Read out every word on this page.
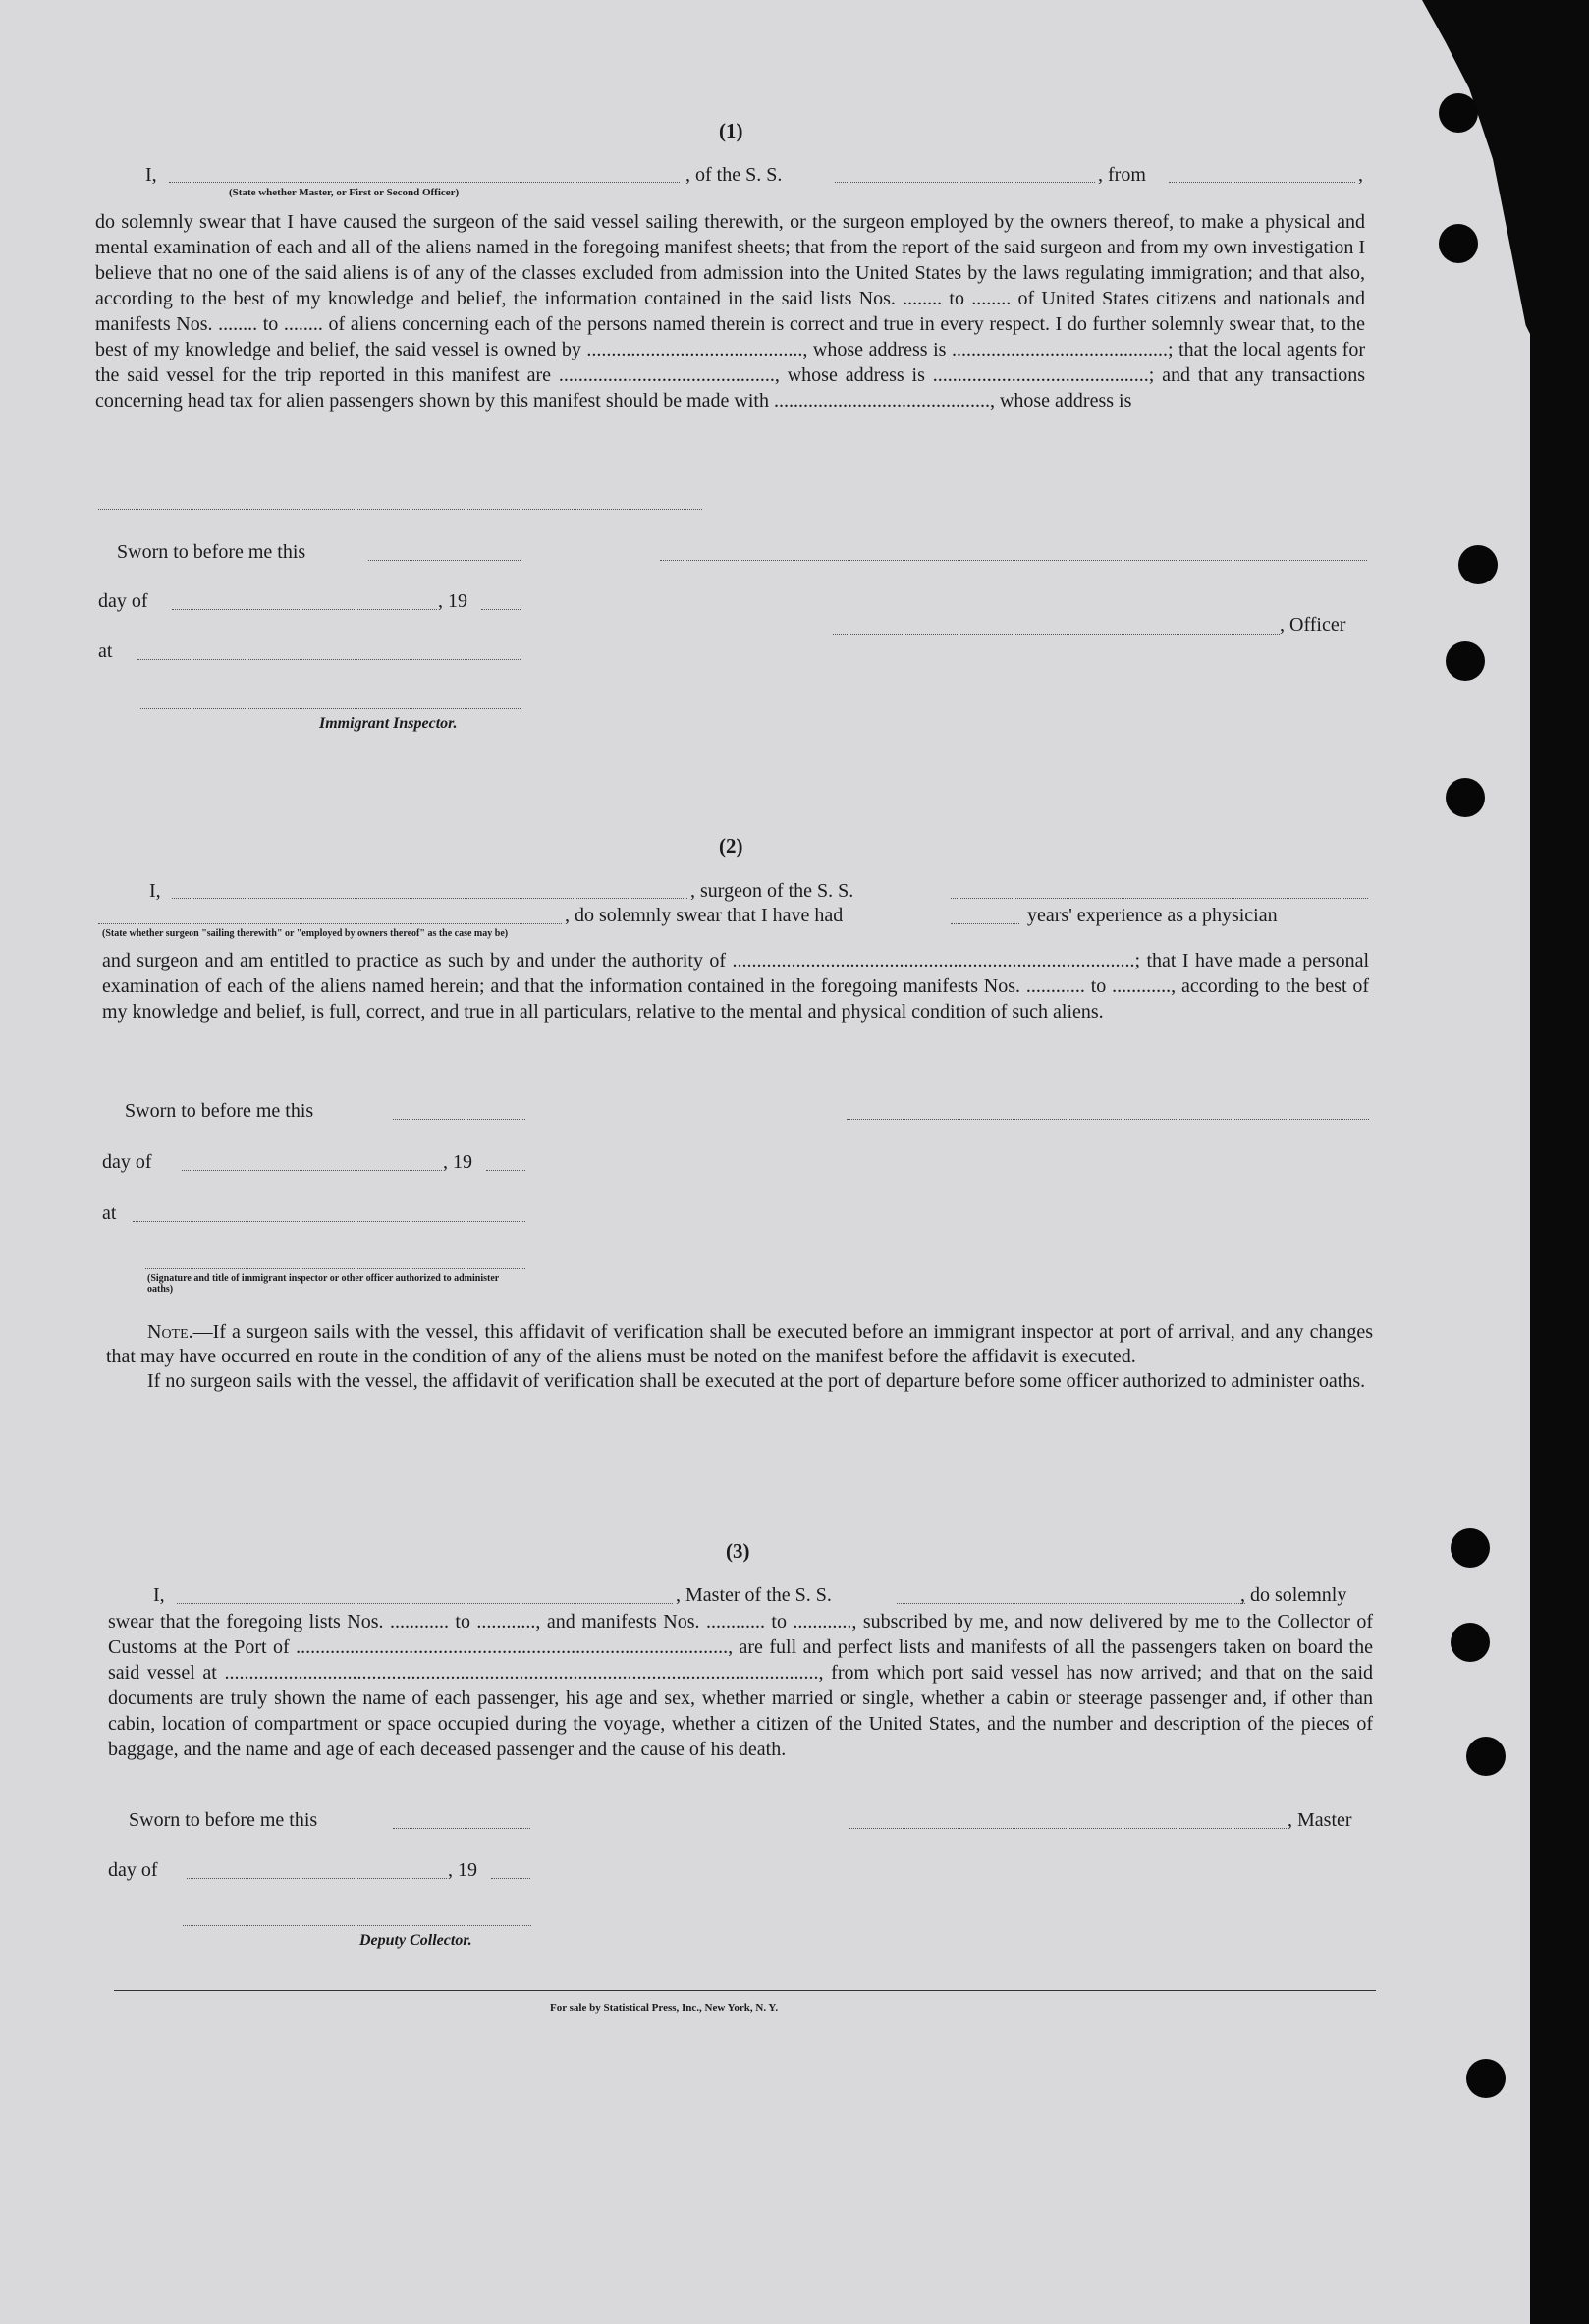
(1)
I,
(State whether Master, or First or Second Officer)
, of the S. S.	, from	,

do solemnly swear that I have caused the surgeon of the said vessel sailing therewith, or the surgeon employed by the owners thereof, to make a physical and mental examination of each and all of the aliens named in the foregoing manifest sheets; that from the report of the said surgeon and from my own investigation I believe that no one of the said aliens is of any of the classes excluded from admission into the United States by the laws regulating immigration; and that also, according to the best of my knowledge and belief, the information contained in the said lists Nos. ........ to ........ of United States citizens and nationals and manifests Nos. ........ to ........ of aliens concerning each of the persons named therein is correct and true in every respect. I do further solemnly swear that, to the best of my knowledge and belief, the said vessel is owned by ............................................, whose address is ............................................; that the local agents for the said vessel for the trip reported in this manifest are ............................................, whose address is ............................................; and that any transactions concerning head tax for alien passengers shown by this manifest should be made with ............................................, whose address is

Sworn to before me this
day of	, 19
, Officer
at
Immigrant Inspector.
(2)
I,	, surgeon of the S. S.
, do solemnly swear that I have had	years' experience as a physician
(State whether surgeon "sailing therewith" or "employed by owners thereof" as the case may be)

and surgeon and am entitled to practice as such by and under the authority of ..................................................................................; that I have made a personal examination of each of the aliens named herein; and that the information contained in the foregoing manifests Nos. ............ to ............, according to the best of my knowledge and belief, is full, correct, and true in all particulars, relative to the mental and physical condition of such aliens.

Sworn to before me this
day of	, 19
at
(Signature and title of immigrant inspector or other officer authorized to administer oaths)

Note.—If a surgeon sails with the vessel, this affidavit of verification shall be executed before an immigrant inspector at port of arrival, and any changes that may have occurred en route in the condition of any of the aliens must be noted on the manifest before the affidavit is executed.

If no surgeon sails with the vessel, the affidavit of verification shall be executed at the port of departure before some officer authorized to administer oaths.

(3)
I,	, Master of the S. S.	, do solemnly

swear that the foregoing lists Nos. ............ to ............, and manifests Nos. ............ to ............, subscribed by me, and now delivered by me to the Collector of Customs at the Port of ........................................................................................, are full and perfect lists and manifests of all the passengers taken on board the said vessel at ........................................................................................................................., from which port said vessel has now arrived; and that on the said documents are truly shown the name of each passenger, his age and sex, whether married or single, whether a cabin or steerage passenger and, if other than cabin, location of compartment or space occupied during the voyage, whether a citizen of the United States, and the number and description of the pieces of baggage, and the name and age of each deceased passenger and the cause of his death.

Sworn to before me this	, Master
day of	, 19
Deputy Collector.
For sale by Statistical Press, Inc., New York, N. Y.
